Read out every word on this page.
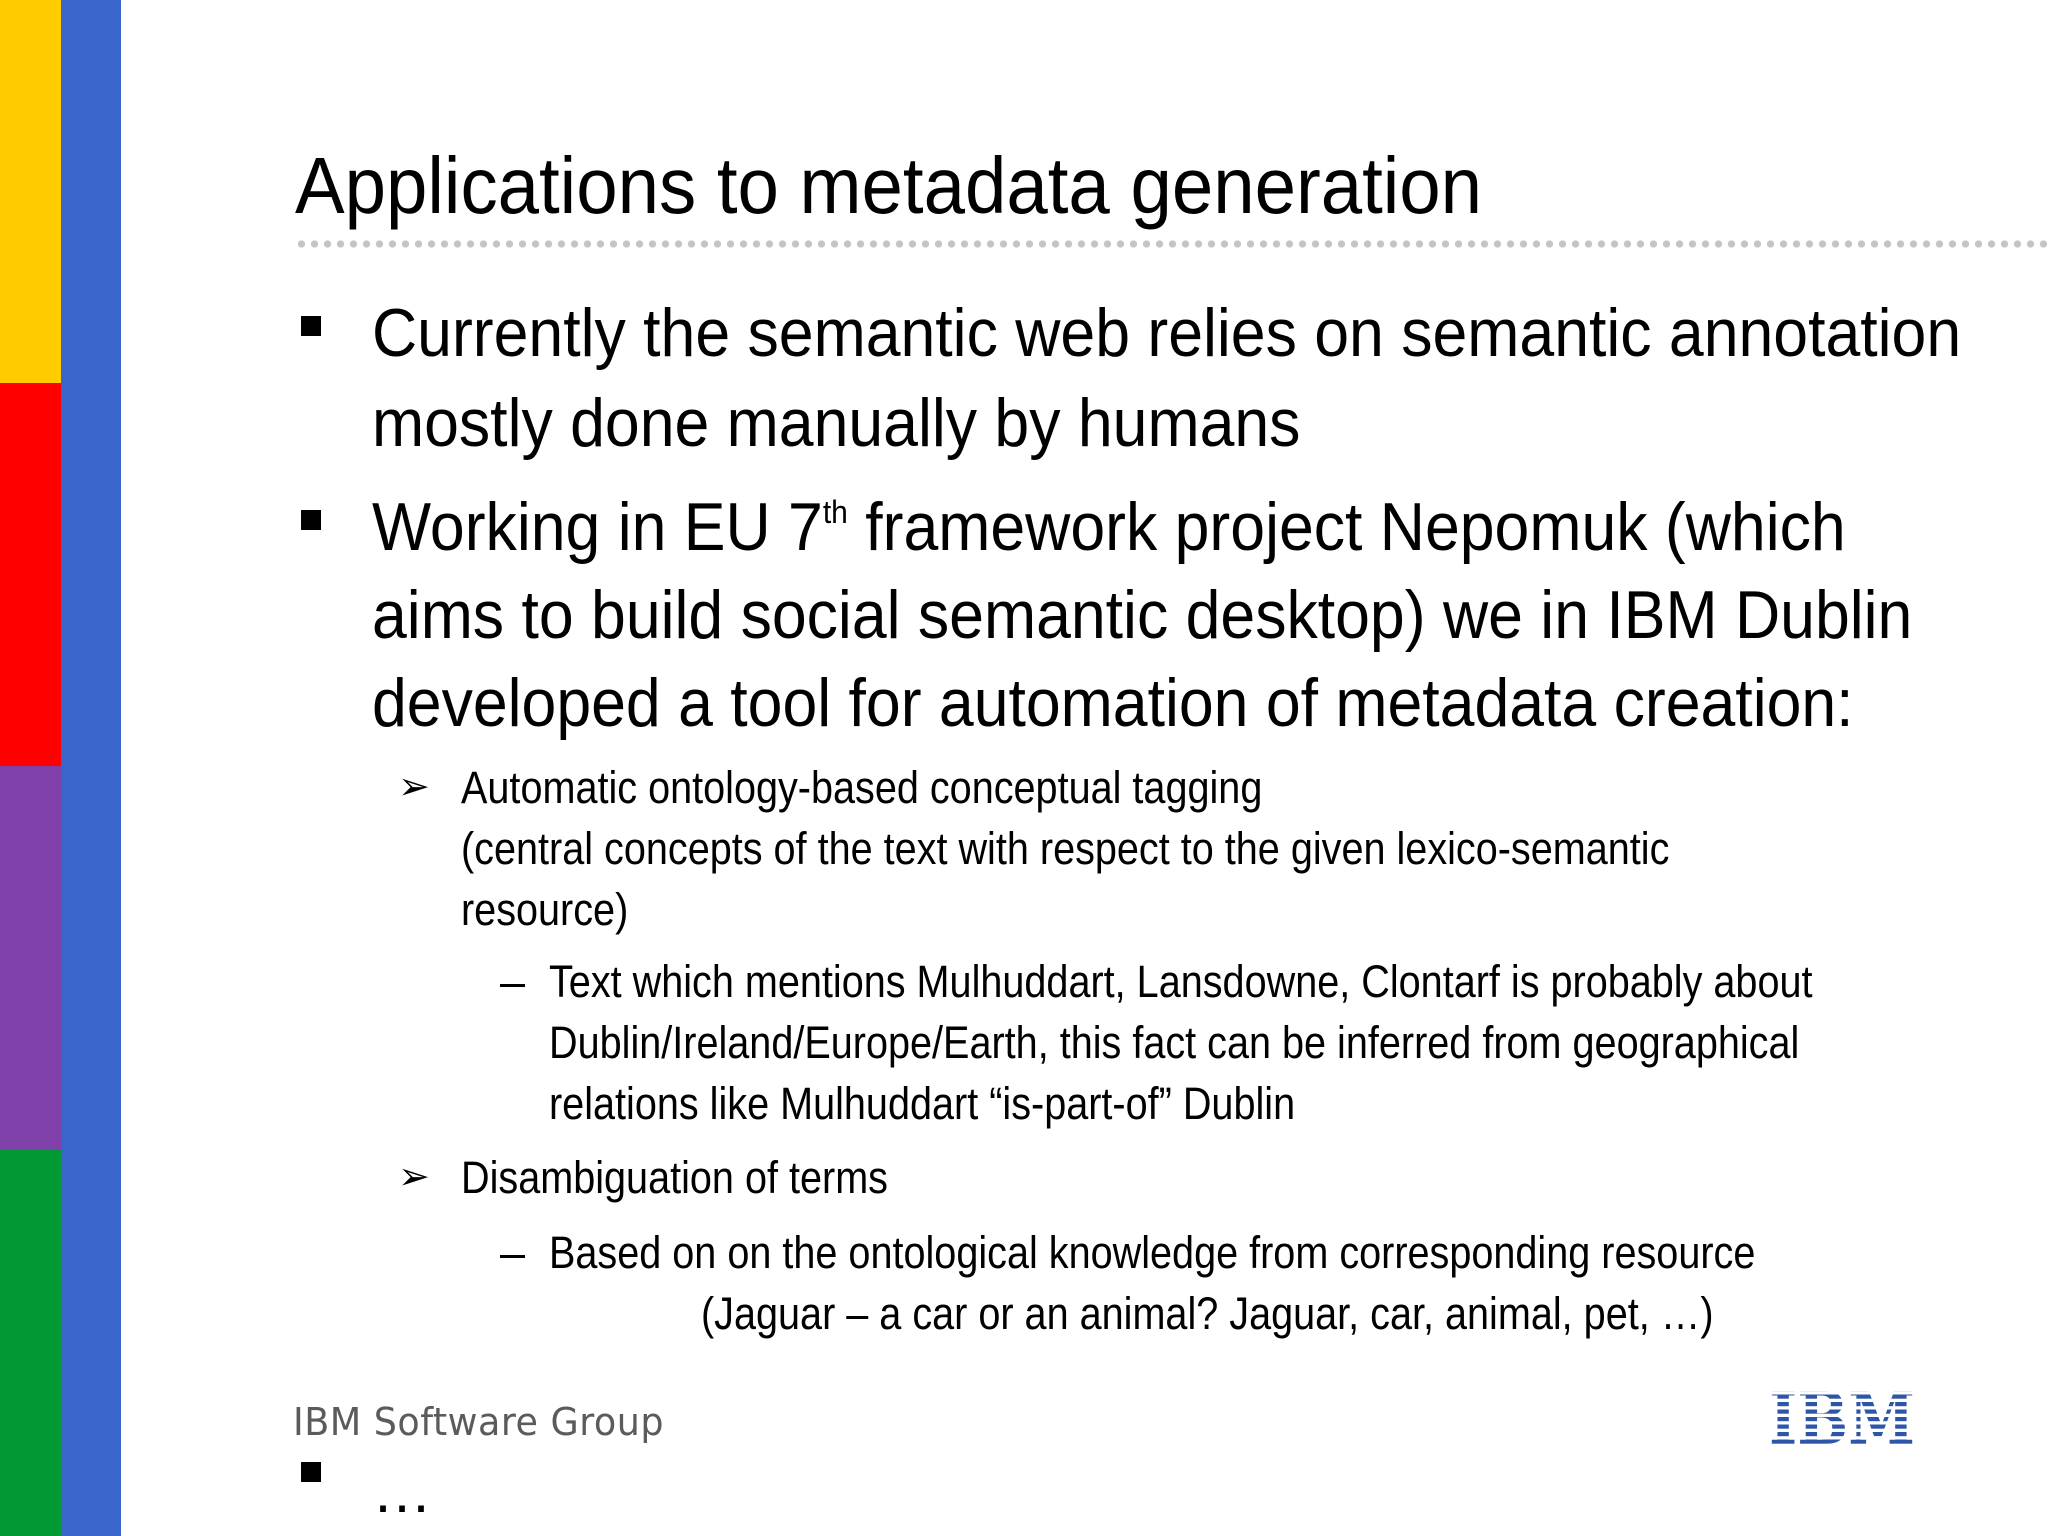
Applications to metadata generation
Currently the semantic web relies on semantic annotation
mostly done manually by humans
Working in EU 7th framework project Nepomuk (which
aims to build social semantic desktop) we in IBM Dublin
developed a tool for automation of metadata creation:
➢ Automatic ontology-based conceptual tagging
(central concepts of the text with respect to the given lexico-semantic
resource)
– Text which mentions Mulhuddart, Lansdowne, Clontarf is probably about
Dublin/Ireland/Europe/Earth, this fact can be inferred from geographical
relations like Mulhuddart “is-part-of” Dublin
➢ Disambiguation of terms
– Based on on the ontological knowledge from corresponding resource
(Jaguar – a car or an animal? Jaguar, car, animal, pet, …)
IBM Software Group	IBM
…
